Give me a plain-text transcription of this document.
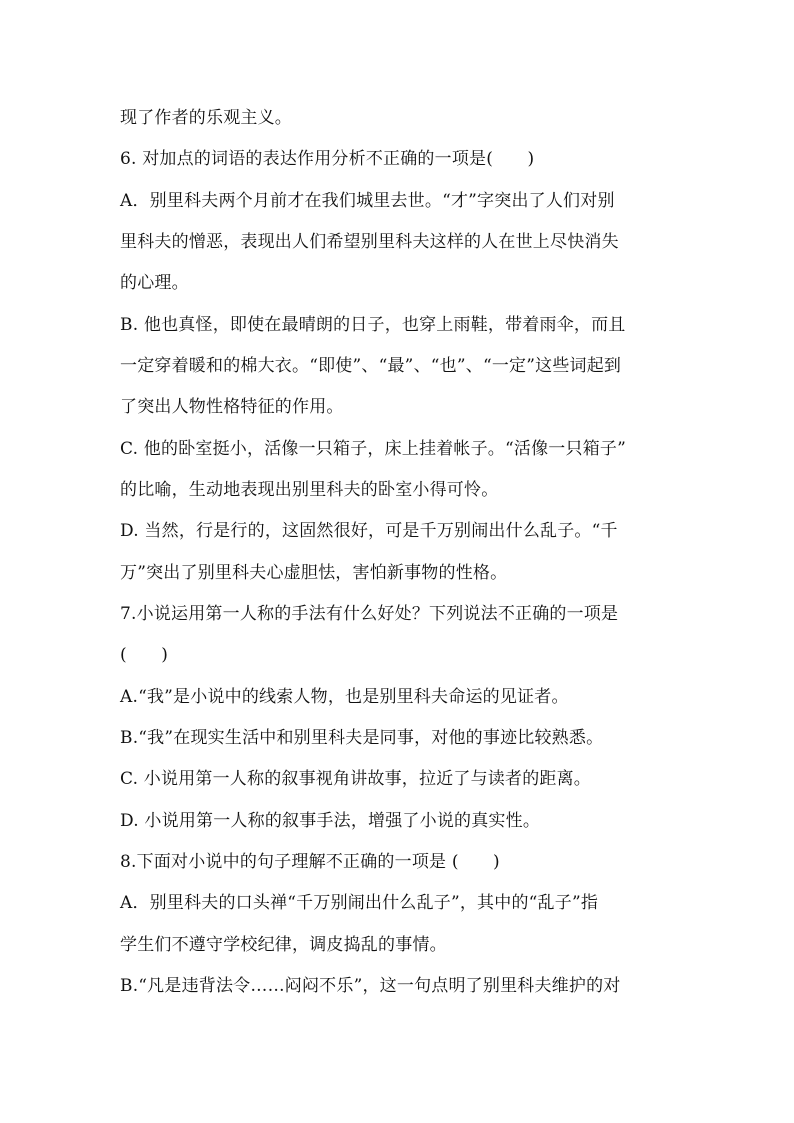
现了作者的乐观主义。
6. 对加点的词语的表达作用分析不正确的一项是(　　)
A．别里科夫两个月前才在我们城里去世。“才”字突出了人们对别
里科夫的憎恶，表现出人们希望别里科夫这样的人在世上尽快消失
的心理。
B. 他也真怪，即使在最晴朗的日子，也穿上雨鞋，带着雨伞，而且
一定穿着暖和的棉大衣。“即使”、“最”、“也”、“一定”这些词起到
了突出人物性格特征的作用。
C. 他的卧室挺小，活像一只箱子，床上挂着帐子。“活像一只箱子”
的比喻，生动地表现出别里科夫的卧室小得可怜。
D. 当然，行是行的，这固然很好，可是千万别闹出什么乱子。“千
万”突出了别里科夫心虚胆怯，害怕新事物的性格。
7.小说运用第一人称的手法有什么好处？下列说法不正确的一项是
(　　)
A.“我”是小说中的线索人物，也是别里科夫命运的见证者。
B.“我”在现实生活中和别里科夫是同事，对他的事迹比较熟悉。
C. 小说用第一人称的叙事视角讲故事，拉近了与读者的距离。
D. 小说用第一人称的叙事手法，增强了小说的真实性。
8.下面对小说中的句子理解不正确的一项是 (　　)
A．别里科夫的口头禅“千万别闹出什么乱子”，其中的“乱子”指
学生们不遵守学校纪律，调皮捣乱的事情。
B.“凡是违背法令……闷闷不乐”，这一句点明了别里科夫维护的对
